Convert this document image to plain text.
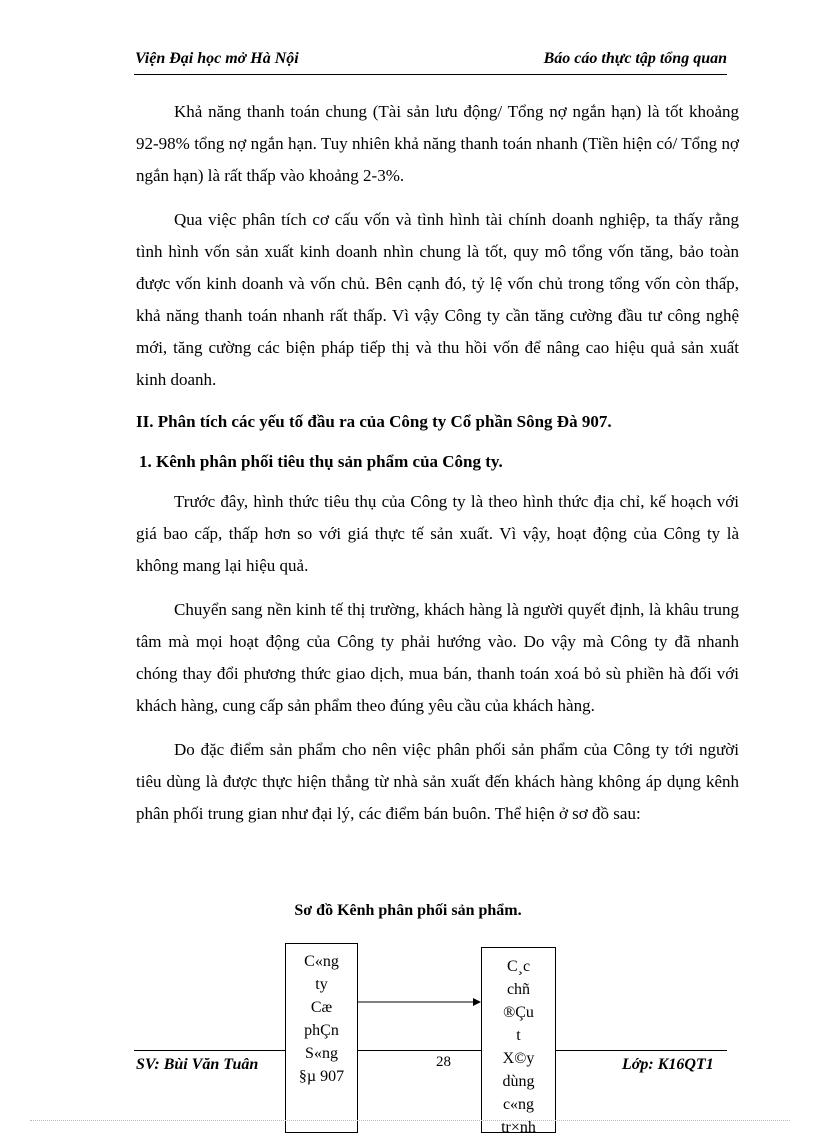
Viện Đại học mở Hà Nội	Báo cáo thực tập tổng quan

Khả năng thanh toán chung (Tài sản lưu động/ Tổng nợ ngắn hạn) là tốt khoảng 92-98% tổng nợ ngắn hạn. Tuy nhiên khả năng thanh toán nhanh (Tiền hiện có/ Tổng nợ ngắn hạn) là rất thấp vào khoảng 2-3%.

Qua việc phân tích cơ cấu vốn và tình hình tài chính doanh nghiệp, ta thấy rằng tình hình vốn sản xuất kinh doanh nhìn chung là tốt, quy mô tổng vốn tăng, bảo toàn được vốn kinh doanh và vốn chủ. Bên cạnh đó, tỷ lệ vốn chủ trong tổng vốn còn thấp, khả năng thanh toán nhanh rất thấp. Vì vậy Công ty cần tăng cường đầu tư công nghệ mới, tăng cường các biện pháp tiếp thị và thu hồi vốn để nâng cao hiệu quả sản xuất kinh doanh.

II. Phân tích các yếu tố đầu ra của Công ty Cổ phần Sông Đà 907.

1. Kênh phân phối tiêu thụ sản phẩm của Công ty.

Trước đây, hình thức tiêu thụ của Công ty là theo hình thức địa chỉ, kế hoạch với giá bao cấp, thấp hơn so với giá thực tế sản xuất. Vì vậy, hoạt động của Công ty là không mang lại hiệu quả.

Chuyển sang nền kinh tế thị trường, khách hàng là người quyết định, là khâu trung tâm mà mọi hoạt động của Công ty phải hướng vào. Do vậy mà Công ty đã nhanh chóng thay đổi phương thức giao dịch, mua bán, thanh toán xoá bỏ sù phiền hà đối với khách hàng, cung cấp sản phẩm theo đúng yêu cầu của khách hàng.

Do đặc điểm sản phẩm cho nên việc phân phối sản phẩm của Công ty tới người tiêu dùng là được thực hiện thẳng từ nhà sản xuất đến khách hàng không áp dụng kênh phân phối trung gian như đại lý, các điểm bán buôn. Thể hiện ở sơ đồ sau:

Sơ đồ Kênh phân phối sản phẩm.
C«ng
ty
Cæ
phÇn
S«ng
§µ 907
C¸c
chñ
®Çu
t
X©y
dùng
c«ng
tr×nh
SV: Bùi Văn Tuân	28	Lớp: K16QT1
